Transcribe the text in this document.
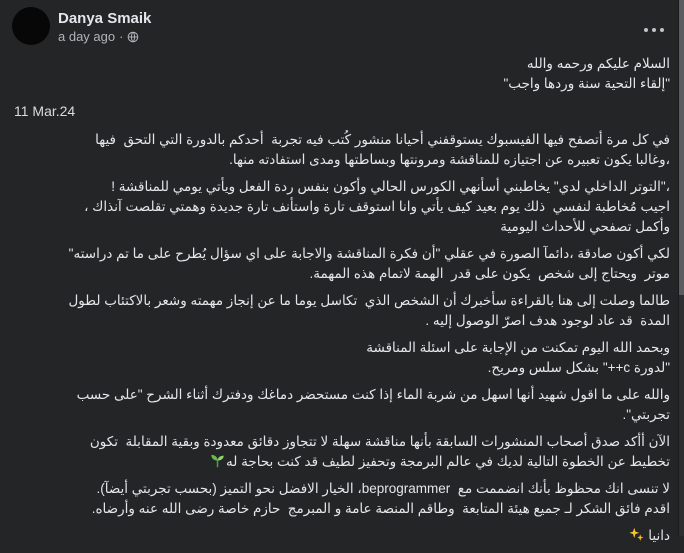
Danya Smaik
a day ago ·
السلام عليكم ورحمه والله
"إلقاء التحية سنة وردها واجب"
11 Mar.24
في كل مرة أتصفح فيها الفيسبوك يستوقفني أحيانا منشور كُتب فيه تجربة  أحدكم بالدورة التي التحق  فيها
،وغالبا يكون تعبيره عن اجتيازه للمناقشة ومرونتها وبساطتها ومدى استفادته منها.
،"التوتر الداخلي لدي" يخاطبني أسأنهي الكورس الحالي وأكون بنفس ردة الفعل ويأتي يومي للمناقشة !
اجيب مُخاطبة لنفسي  ذلك يوم بعيد كيف يأتي وانا استوقف تارة واستأنف تارة جديدة وهمتي تقلصت آنذاك ،
وأكمل تصفحي للأحداث اليومية
لكي أكون صادقة ،دائمآ الصورة في عقلي "أن فكرة المناقشة والاجابة على اي سؤال يُطرح على ما تم دراسته"
موتر  ويحتاج إلى شخص  يكون على قدر  الهمة لاتمام هذه المهمة.
طالما وصلت إلى هنا بالقراءة سأخبرك أن الشخص الذي  تكاسل يوما ما عن إنجاز مهمته وشعر بالاكتئاب لطول
المدة  قد عاد لوجود هدف اصرّ الوصول إليه .
وبحمد الله اليوم تمكنت من الإجابة على اسئلة المناقشة
"لدورة c++" بشكل سلس ومريح.
والله على ما اقول شهيد أنها اسهل من شربة الماء إذا كنت مستحضر دماغك ودفترك أثناء الشرح "على حسب
تجربتي".
الآن أأكد صدق أصحاب المنشورات السابقة بأنها مناقشة سهلة لا تتجاوز دقائق معدودة وبقية المقابلة  تكون
تخطيط عن الخطوة التالية لديك في عالم البرمجة وتحفيز لطيف قد كنت بحاجة له
لا تنسى انك محظوظ بأنك انضممت مع  beprogrammer، الخيار الافضل نحو التميز (بحسب تجربتي أيضآ).
اقدم فائق الشكر لـ جميع هيئة المتابعة  وطاقم المنصة عامة و المبرمج  حازم خاصة رضى الله عنه وأرضاه.
دانيا
